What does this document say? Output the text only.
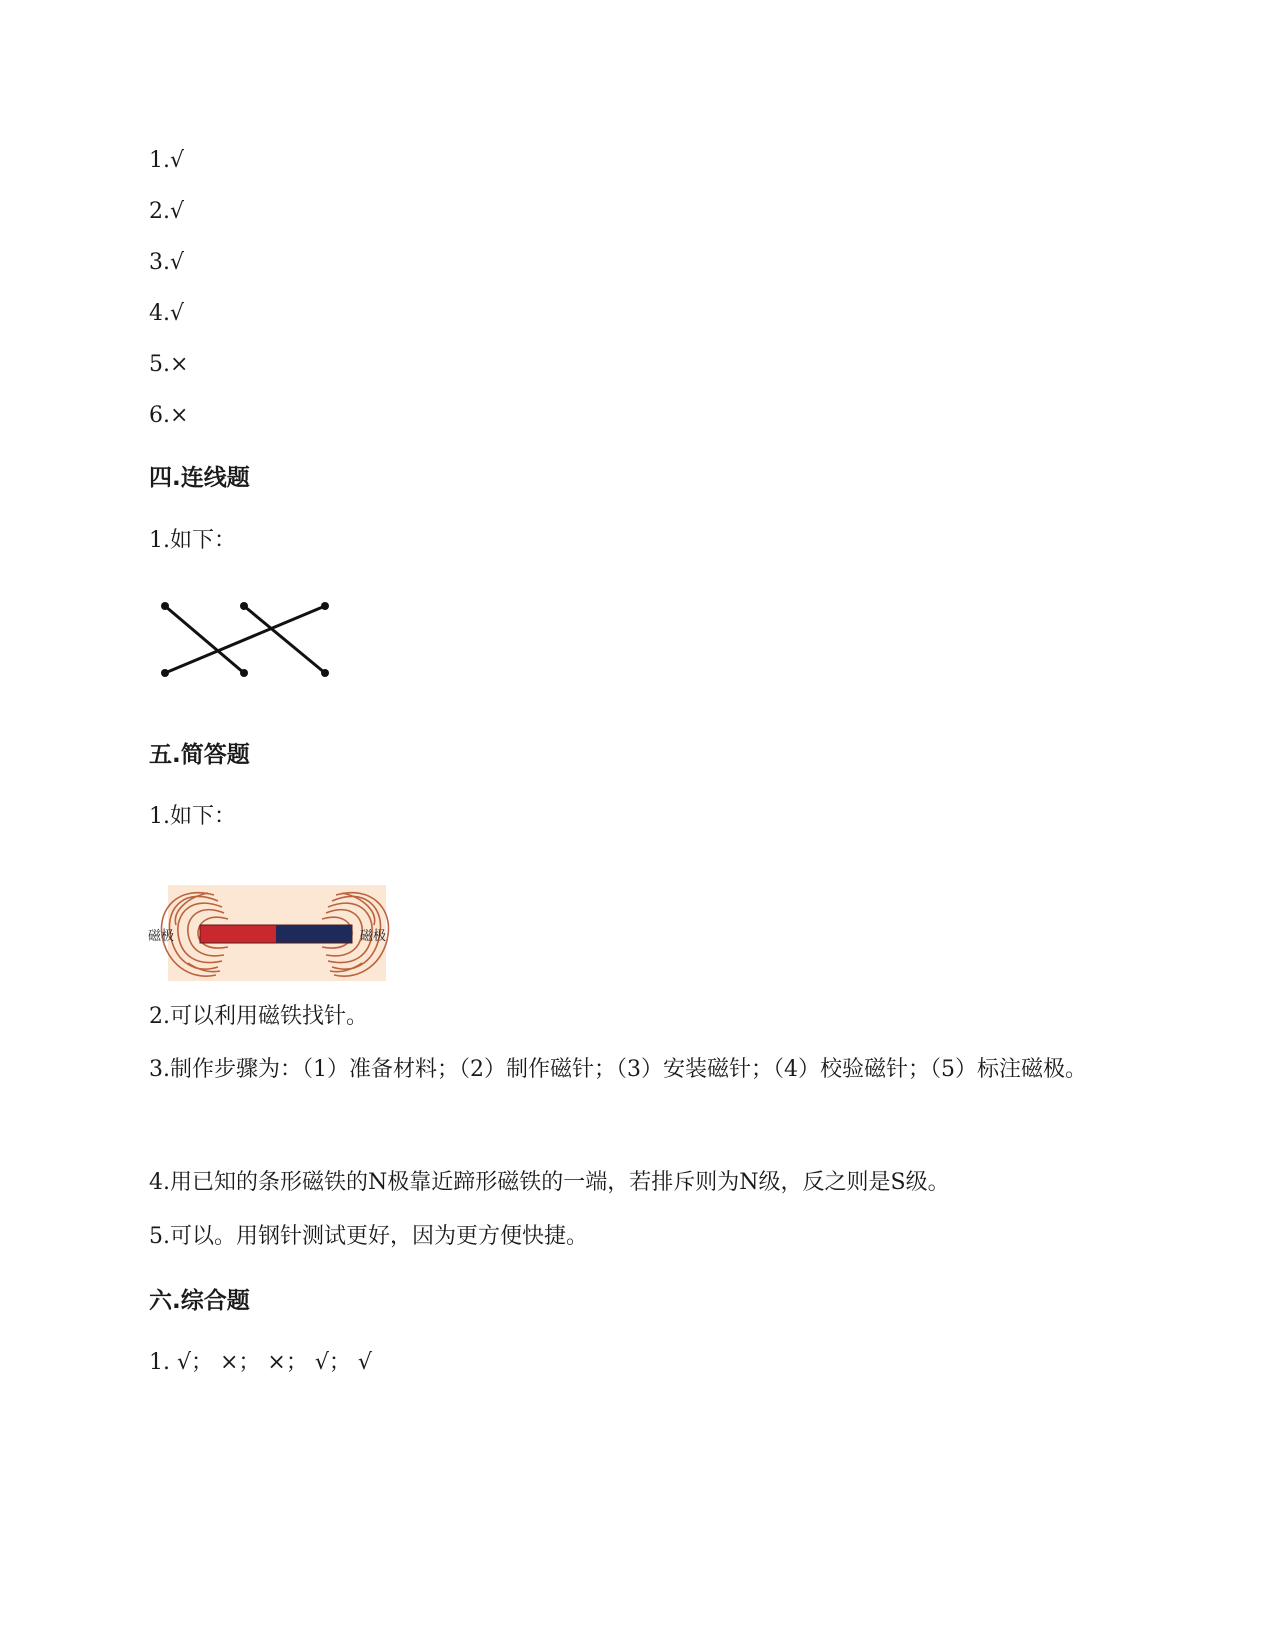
1.√
2.√
3.√
4.√
5.×
6.×
四.连线题
1.如下：
五.简答题
1.如下：
磁极	磁极
2.可以利用磁铁找针。
3.制作步骤为：（1）准备材料；（2）制作磁针；（3）安装磁针；（4）校验磁针；（5）标注磁极。
4.用已知的条形磁铁的N极靠近蹄形磁铁的一端，若排斥则为N级，反之则是S级。
5.可以。用钢针测试更好，因为更方便快捷。
六.综合题
1. √； ×； ×； √； √
